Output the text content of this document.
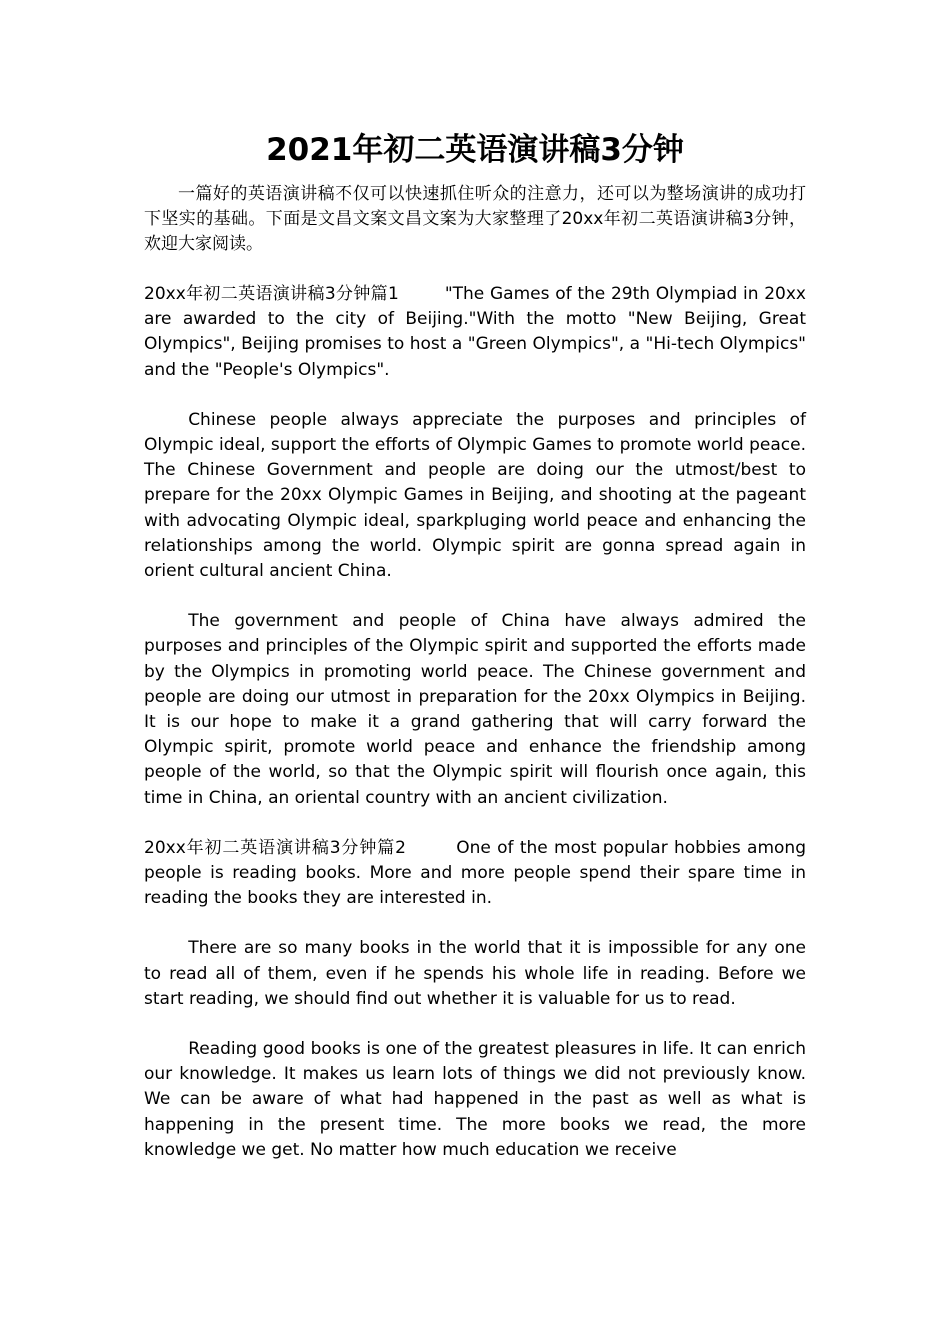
2021年初二英语演讲稿3分钟

一篇好的英语演讲稿不仅可以快速抓住听众的注意力，还可以为整场演讲的成功打下坚实的基础。下面是文昌文案文昌文案为大家整理了20xx年初二英语演讲稿3分钟，欢迎大家阅读。

20xx年初二英语演讲稿3分钟篇1	"The Games of the 29th Olympiad in 20xx are awarded to the city of Beijing."With the motto "New Beijing, Great Olympics", Beijing promises to host a "Green Olympics", a "Hi-tech Olympics" and the "People's Olympics".

Chinese people always appreciate the purposes and principles of Olympic ideal, support the efforts of Olympic Games to promote world peace. The Chinese Government and people are doing our the utmost/best to prepare for the 20xx Olympic Games in Beijing, and shooting at the pageant with advocating Olympic ideal, sparkpluging world peace and enhancing the relationships among the world. Olympic spirit are gonna spread again in orient cultural ancient China.

The government and people of China have always admired the purposes and principles of the Olympic spirit and supported the efforts made by the Olympics in promoting world peace. The Chinese government and people are doing our utmost in preparation for the 20xx Olympics in Beijing. It is our hope to make it a grand gathering that will carry forward the Olympic spirit, promote world peace and enhance the friendship among people of the world, so that the Olympic spirit will flourish once again, this time in China, an oriental country with an ancient civilization.

20xx年初二英语演讲稿3分钟篇2	One of the most popular hobbies among people is reading books. More and more people spend their spare time in reading the books they are interested in.

There are so many books in the world that it is impossible for any one to read all of them, even if he spends his whole life in reading. Before we start reading, we should find out whether it is valuable for us to read.

Reading good books is one of the greatest pleasures in life. It can enrich our knowledge. It makes us learn lots of things we did not previously know. We can be aware of what had happened in the past as well as what is happening in the present time. The more books we read, the more knowledge we get. No matter how much education we receive
